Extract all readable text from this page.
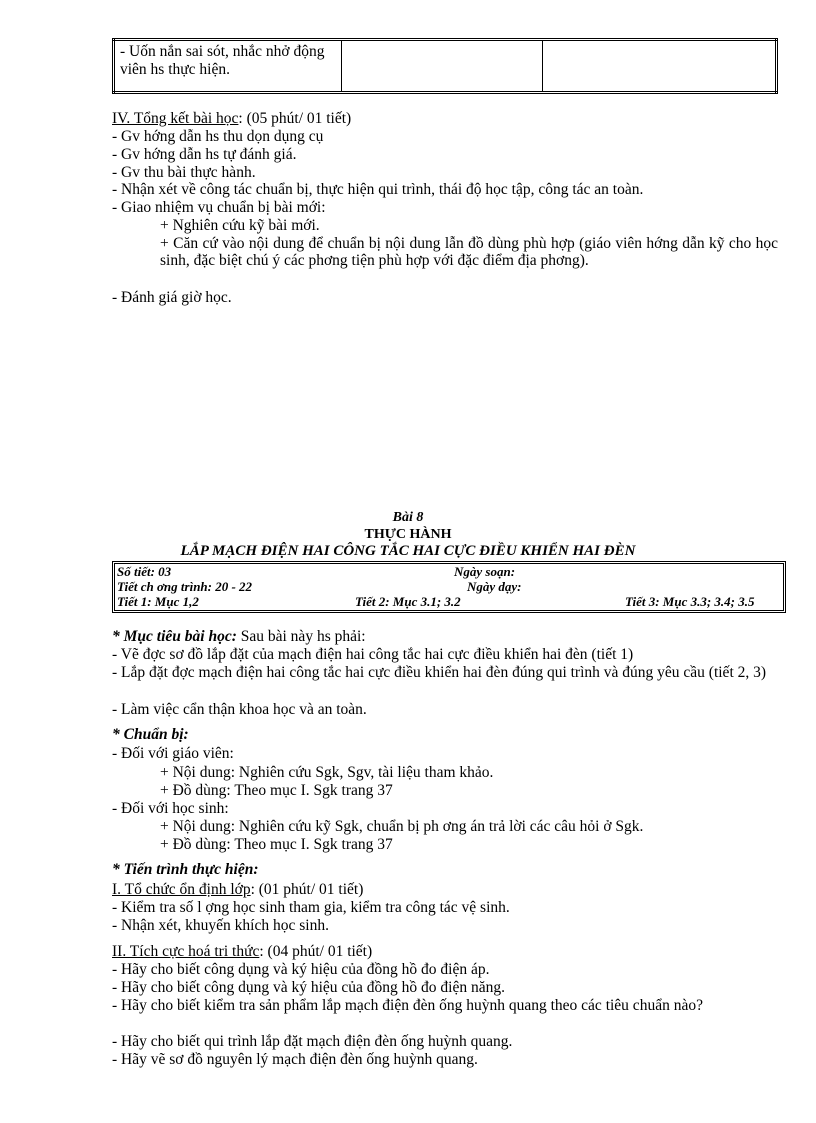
- Uốn nắn sai sót, nhắc nhở động viên hs thực hiện.		
IV. Tổng kết bài học: (05 phút/ 01 tiết)
- Gv hớng dẫn hs thu dọn dụng cụ
- Gv hớng dẫn hs tự đánh giá.
- Gv thu bài thực hành.
- Nhận xét về công tác chuẩn bị, thực hiện qui trình, thái độ học tập, công tác an toàn.
- Giao nhiệm vụ chuẩn bị bài mới:
+ Nghiên cứu kỹ bài mới.
+ Căn cứ vào nội dung để chuẩn bị nội dung lẫn đồ dùng phù hợp (giáo viên hớng dẫn kỹ cho học sinh, đặc biệt chú ý các phơng tiện phù hợp với đặc điểm địa phơng).
- Đánh giá giờ học.
Bài 8
THỰC HÀNH
LẮP MẠCH ĐIỆN HAI CÔNG TẮC HAI CỰC ĐIỀU KHIỂN HAI ĐÈN
Số tiết: 03	Ngày soạn:
Tiết ch ơng trình: 20 - 22	Ngày dạy:
Tiết 1: Mục 1,2	Tiết 2: Mục 3.1; 3.2	Tiết 3: Mục 3.3; 3.4; 3.5
* Mục tiêu bài học: Sau bài này hs phải:
- Vẽ đợc sơ đồ lắp đặt của mạch điện hai công tắc hai cực điều khiển hai đèn (tiết 1)
- Lắp đặt đợc mạch điện hai công tắc hai cực điều khiển hai đèn đúng qui trình và đúng yêu cầu (tiết 2, 3)
- Làm việc cẩn thận khoa học và an toàn.
* Chuẩn bị:
- Đối với giáo viên:
+ Nội dung: Nghiên cứu Sgk, Sgv, tài liệu tham khảo.
+ Đồ dùng: Theo mục I. Sgk trang 37
- Đối với học sinh:
+ Nội dung: Nghiên cứu kỹ Sgk, chuẩn bị ph ơng án trả lời các câu hỏi ở Sgk.
+ Đồ dùng: Theo mục I. Sgk trang 37
* Tiến trình thực hiện:
I. Tổ chức ổn định lớp: (01 phút/ 01 tiết)
- Kiểm tra số l ợng học sinh tham gia, kiểm tra công tác vệ sinh.
- Nhận xét, khuyến khích học sinh.
II. Tích cực hoá tri thức: (04 phút/ 01 tiết)
- Hãy cho biết công dụng và ký hiệu của đồng hồ đo điện áp.
- Hãy cho biết công dụng và ký hiệu của đồng hồ đo điện năng.
- Hãy cho biết kiểm tra sản phẩm lắp mạch điện đèn ống huỳnh quang theo các tiêu chuẩn nào?
- Hãy cho biết qui trình lắp đặt mạch điện đèn ống huỳnh quang.
- Hãy vẽ sơ đồ nguyên lý mạch điện đèn ống huỳnh quang.
